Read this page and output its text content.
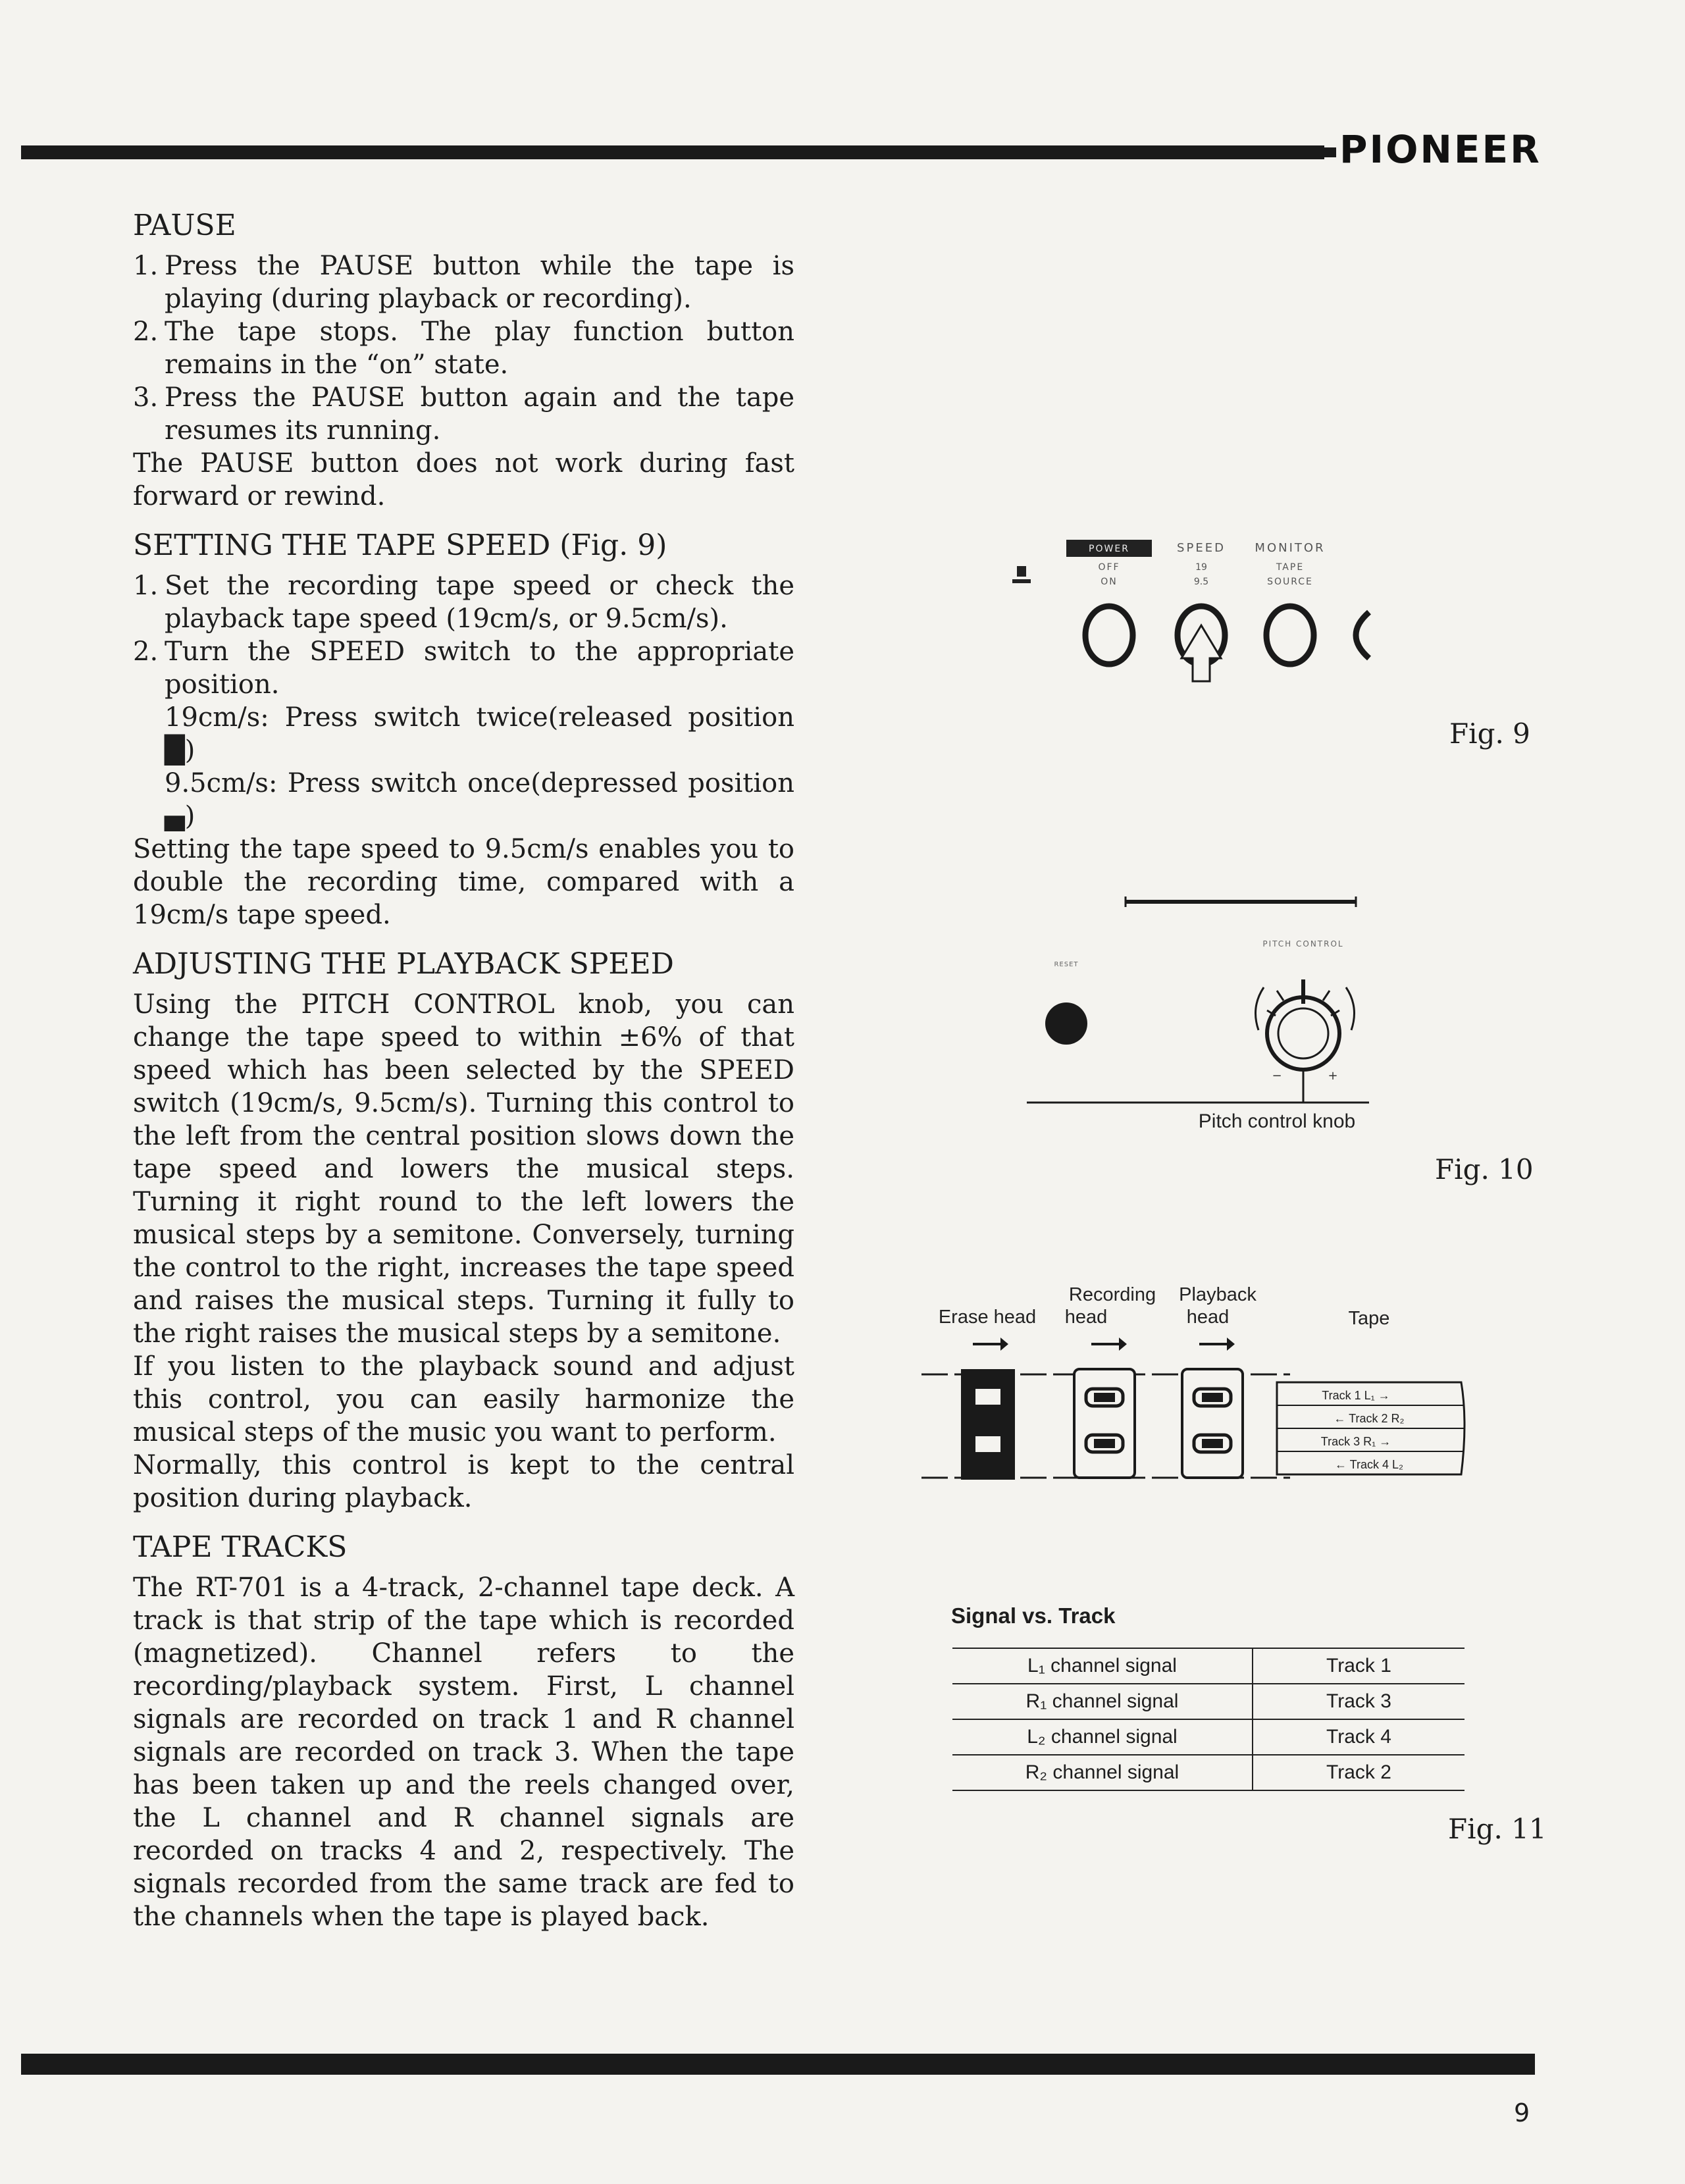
PIONEER
PAUSE
1. Press the PAUSE button while the tape is playing (during playback or recording).
2. The tape stops. The play function button remains in the “on” state.
3. Press the PAUSE button again and the tape resumes its running.

The PAUSE button does not work during fast forward or rewind.

SETTING THE TAPE SPEED (Fig. 9)
1. Set the recording tape speed or check the playback tape speed (19cm/s, or 9.5cm/s).
2. Turn the SPEED switch to the appropriate position.

19cm/s: Press switch twice(released position █)

9.5cm/s: Press switch once(depressed position ▄)

Setting the tape speed to 9.5cm/s enables you to double the recording time, compared with a 19cm/s tape speed.

ADJUSTING THE PLAYBACK SPEED

Using the PITCH CONTROL knob, you can change the tape speed to within ±6% of that speed which has been selected by the SPEED switch (19cm/s, 9.5cm/s). Turning this control to the left from the central position slows down the tape speed and lowers the musical steps. Turning it right round to the left lowers the musical steps by a semitone. Conversely, turning the control to the right, increases the tape speed and raises the musical steps. Turning it fully to the right raises the musical steps by a semitone.

If you listen to the playback sound and adjust this control, you can easily harmonize the musical steps of the music you want to perform.

Normally, this control is kept to the central position during playback.

TAPE TRACKS

The RT-701 is a 4-track, 2-channel tape deck. A track is that strip of the tape which is recorded (magnetized). Channel refers to the recording/playback system. First, L channel signals are recorded on track 1 and R channel signals are recorded on track 3. When the tape has been taken up and the reels changed over, the L channel and R channel signals are recorded on tracks 4 and 2, respectively. The signals recorded from the same track are fed to the channels when the tape is played back.

POWER
OFF
ON
SPEED
19
9.5
MONITOR
TAPE
SOURCE
Fig. 9
PITCH CONTROL
RESET
−	+
Pitch control knob
Fig. 10
Erase head
Recording
head
Playback
head	Tape
Track 1 L₁ →
← Track 2 R₂
Track 3 R₁ →
← Track 4 L₂
Signal vs. Track
L₁ channel signal	Track 1
R₁ channel signal	Track 3
L₂ channel signal	Track 4
R₂ channel signal	Track 2
Fig. 11
9
